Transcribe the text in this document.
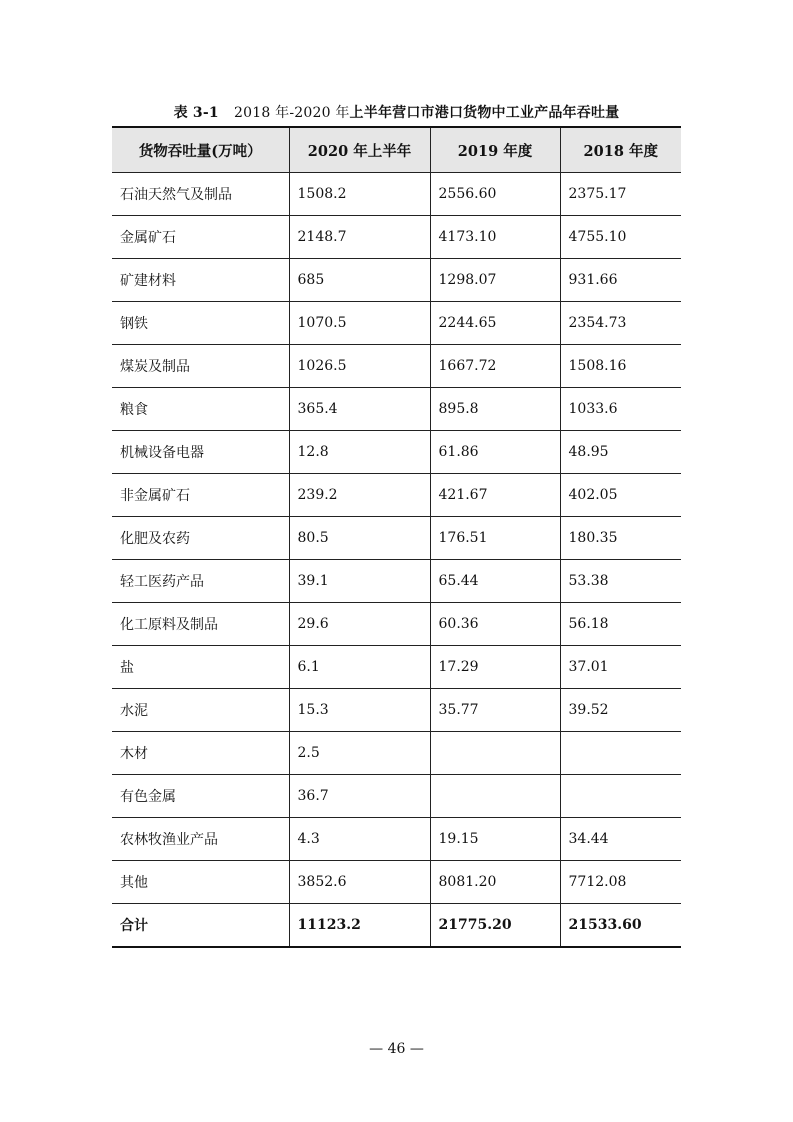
表 3-1 2018 年-2020 年上半年营口市港口货物中工业产品年吞吐量
货物吞吐量(万吨）	2020 年上半年	2019 年度	2018 年度
石油天然气及制品	1508.2	2556.60	2375.17
金属矿石	2148.7	4173.10	4755.10
矿建材料	685	1298.07	931.66
钢铁	1070.5	2244.65	2354.73
煤炭及制品	1026.5	1667.72	1508.16
粮食	365.4	895.8	1033.6
机械设备电器	12.8	61.86	48.95
非金属矿石	239.2	421.67	402.05
化肥及农药	80.5	176.51	180.35
轻工医药产品	39.1	65.44	53.38
化工原料及制品	29.6	60.36	56.18
盐	6.1	17.29	37.01
水泥	15.3	35.77	39.52
木材	2.5		
有色金属	36.7		
农林牧渔业产品	4.3	19.15	34.44
其他	3852.6	8081.20	7712.08
合计	11123.2	21775.20	21533.60
— 46 —
